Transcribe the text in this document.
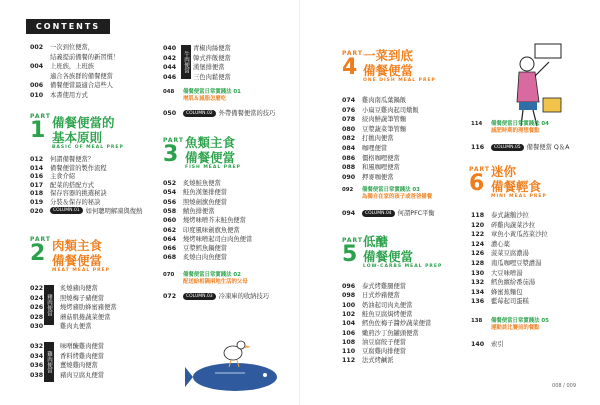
CONTENTS
PART
1 備餐便當的
基本原則
BASIC OF MEAL PREP
PART
2 肉類主食
備餐便當
MEAT MEAL PREP
豬肉便當
雞肉便當
牛肉便當
PART
3 魚類主食
備餐便當
FISH MEAL PREP
PART
4 一菜到底
備餐便當
ONE DISH MEAL PREP
PART
5
低醣
備餐便當
LOW-CARBS MEAL PREP
PART
6 迷你
備餐輕食
MINI MEAL PREP
008 / 009
002 一次到位便當，
結義提前備餐的新習慣！
004 上班族，上班族
適合各族群的備餐便當
006 備餐便當最適合這些人
010 本書使用方式
012 何謂備餐便當？
014 備餐便當的製作流程
016 主食介紹
017 配菜的搭配方式
018 保存容器的挑選秘訣
019 分裝＆保存的秘訣
020 COLUMN.01 如何聰明解凍與復熱
022	炙燒豬肉便當
024	照燒梅子豬便當
026	燒烤豬肋蜂蜜豬便當
028	蘑菇肌捲蔬菜便當
030	雞肉丸便當
032	味噌醃雞肉便當
034	香料烤雞肉便當
036	薑燒雞肉便當
038	豬肉豆腐丸便當
040	青椒肉絲便當
042	韓式拌飯便當
044	漢堡排便當
046	三色肉鬆便當
048 備餐便當日常實踐法 01
增肌＆減脂怎麼吃
050 COLUMN.02 外帶備餐便當的技巧
052 炙燒鮭魚便當
054 鮭魚漢堡排便當
056 照燒劍旗魚便當
058 鯖魚排便當
060 燒烤味噌芥末鮭魚便當
062 印度風味劍旗魚便當
064 燒烤味噌起司白肉魚便當
066 豆漿鱈魚鍋便當
068 炙燒白肉魚便當
070 備餐便當日常實踐法 02
配送給相隔兩地生活的父母
072 COLUMN.03 冷凍庫的收納技巧
074 雞肉南瓜葉鍋飯
076 小扁豆雞肉起司燉飯
078 絞肉鮮蔬筆管麵
080 豆漿蔬菜筆管麵
082 打拋肉便當
084 咖哩便當
086 僵格咖哩便當
088 和風咖哩便當
090 押麥咖便當
092 備餐便當日常實踐法 03
為獨自在家的孩子或爸爸備餐
094 COLUMN.04 何謂PFC平衡
096 泰式烤雞腿便當
098 日式炒豬便當
100 奶油起司肉丸便當
102 鮭魚豆腐焗烤便當
104 鱈魚佐梅子醬炒蔬菜便當
106 嫩煎沙丁魚罐頭便當
108 油豆腐餃子便當
110 豆腐雞肉排便當
112 法式烤鹹派
114 備餐便當日常實踐法 04
減肥時期的理想餐點
116 COLUMN.05 備餐便當 Q＆A
118 泰式蔬鵝沙拉
120 碎雞肉蔬菜沙拉
122 章魚小黃瓜蒸菜沙拉
124 濃心薬
126 菠菜豆腐濃湯
128 南瓜咖哩豆漿濃湯
130 大豆味噌湯
132 鱈魚繽紛番茄湯
134 蜂蜜蕉麵包
136 藍莓起司蛋糕
138 備餐便當日常實踐法 05
運動員比賽前的餐點
140 索引
